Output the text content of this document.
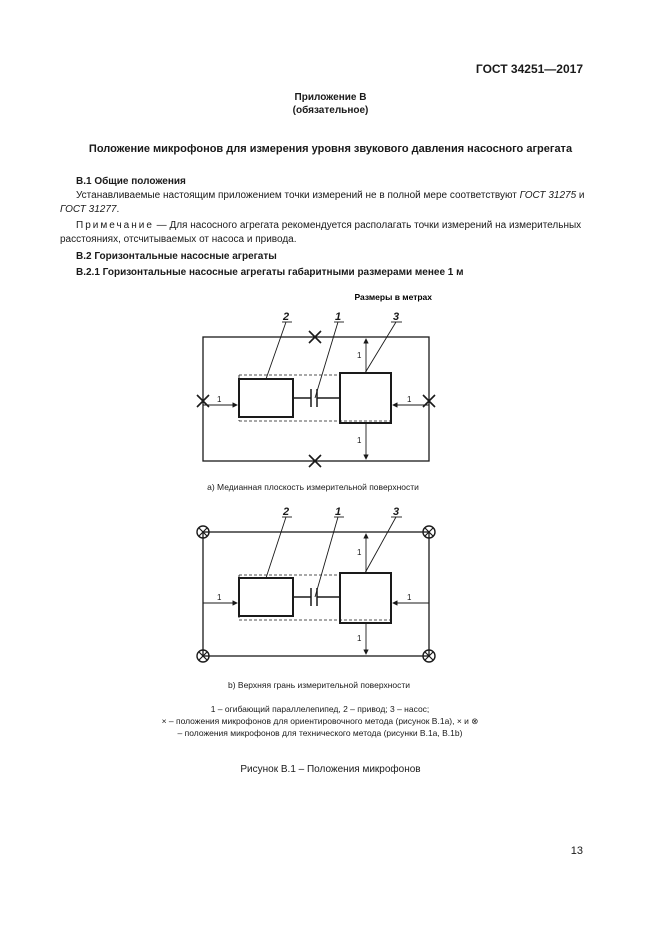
ГОСТ 34251—2017
Приложение В
(обязательное)
Положение микрофонов для измерения уровня звукового давления насосного агрегата
В.1 Общие положения
Устанавливаемые настоящим приложением точки измерений не в полной мере соответствуют ГОСТ 31275 и ГОСТ 31277.
Примечание — Для насосного агрегата рекомендуется располагать точки измерений на измерительных расстояниях, отсчитываемых от насоса и привода.
В.2 Горизонтальные насосные агрегаты
В.2.1 Горизонтальные насосные агрегаты габаритными размерами менее 1 м
Размеры в метрах
2	1	3
1	1
1
1
а) Медианная плоскость измерительной поверхности
2	1	3
1	1
1
1
b) Верхняя грань измерительной поверхности
1 – огибающий параллелепипед, 2 – привод; 3 – насос;
× – положения микрофонов для ориентировочного метода (рисунок В.1а), × и ⊗ – положения микрофонов для технического метода (рисунки В.1а, В.1b)
Рисунок В.1 – Положения микрофонов
13
